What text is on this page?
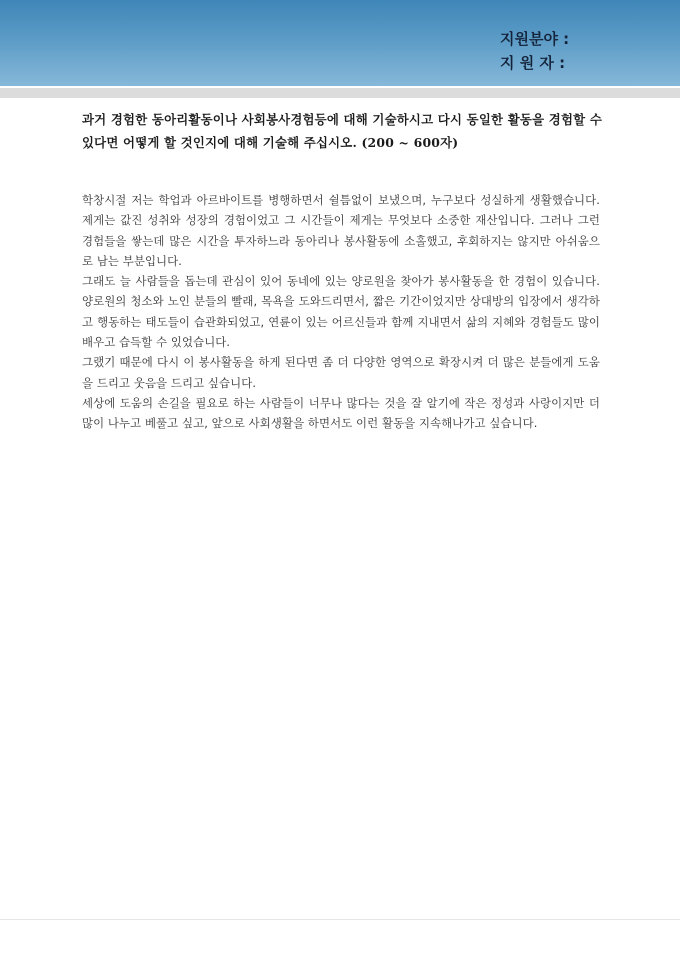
지원분야 :
지 원 자 :
과거 경험한 동아리활동이나 사회봉사경험등에 대해 기술하시고 다시 동일한 활동을 경험할 수 있다면 어떻게 할 것인지에 대해 기술해 주십시오. (200 ~ 600자)

학창시절 저는 학업과 아르바이트를 병행하면서 쉴틈없이 보냈으며, 누구보다 성실하게 생활했습니다. 제게는 값진 성취와 성장의 경험이었고 그 시간들이 제게는 무엇보다 소중한 재산입니다. 그러나 그런 경험들을 쌓는데 많은 시간을 투자하느라 동아리나 봉사활동에 소홀했고, 후회하지는 않지만 아쉬움으로 남는 부분입니다.

그래도 늘 사람들을 돕는데 관심이 있어 동네에 있는 양로원을 찾아가 봉사활동을 한 경험이 있습니다. 양로원의 청소와 노인 분들의 빨래, 목욕을 도와드리면서, 짧은 기간이었지만 상대방의 입장에서 생각하고 행동하는 태도들이 습관화되었고, 연륜이 있는 어르신들과 함께 지내면서 삶의 지혜와 경험들도 많이 배우고 습득할 수 있었습니다.

그랬기 때문에 다시 이 봉사활동을 하게 된다면 좀 더 다양한 영역으로 확장시켜 더 많은 분들에게 도움을 드리고 웃음을 드리고 싶습니다.

세상에 도움의 손길을 필요로 하는 사람들이 너무나 많다는 것을 잘 알기에 작은 정성과 사랑이지만 더 많이 나누고 베풀고 싶고, 앞으로 사회생활을 하면서도 이런 활동을 지속해나가고 싶습니다.
